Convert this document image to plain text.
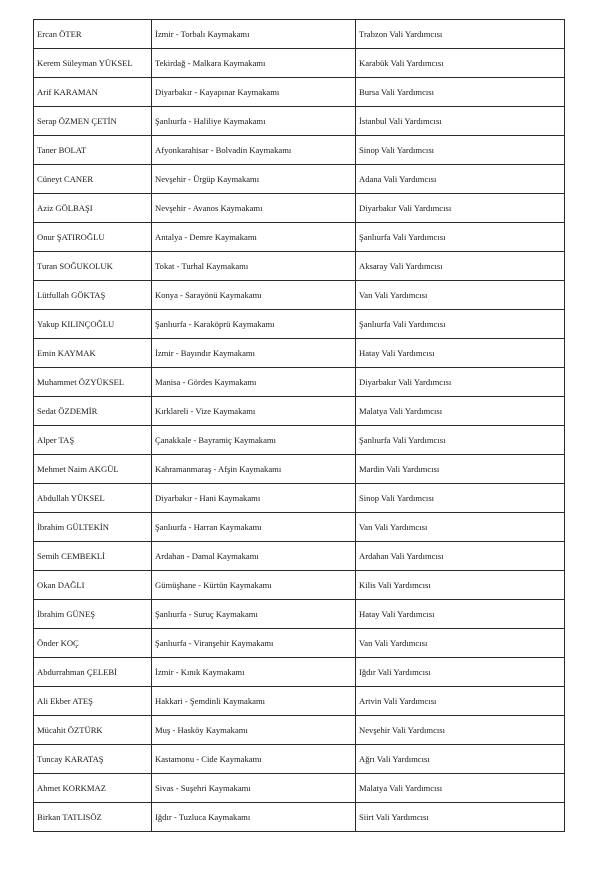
Ercan ÖTER	İzmir - Torbalı Kaymakamı	Trabzon Vali Yardımcısı
Kerem Süleyman YÜKSEL	Tekirdağ - Malkara Kaymakamı	Karabük Vali Yardımcısı
Arif KARAMAN	Diyarbakır - Kayapınar Kaymakamı	Bursa Vali Yardımcısı
Serap ÖZMEN ÇETİN	Şanlıurfa - Haliliye Kaymakamı	İstanbul Vali Yardımcısı
Taner BOLAT	Afyonkarahisar - Bolvadin Kaymakamı	Sinop Vali Yardımcısı
Cüneyt CANER	Nevşehir - Ürgüp Kaymakamı	Adana Vali Yardımcısı
Aziz GÖLBAŞI	Nevşehir - Avanos Kaymakamı	Diyarbakır Vali Yardımcısı
Onur ŞATIROĞLU	Antalya - Demre Kaymakamı	Şanlıurfa Vali Yardımcısı
Turan SOĞUKOLUK	Tokat - Turhal Kaymakamı	Aksaray Vali Yardımcısı
Lütfullah GÖKTAŞ	Konya - Sarayönü Kaymakamı	Van Vali Yardımcısı
Yakup KILINÇOĞLU	Şanlıurfa - Karaköprü Kaymakamı	Şanlıurfa Vali Yardımcısı
Emin KAYMAK	İzmir - Bayındır Kaymakamı	Hatay Vali Yardımcısı
Muhammet ÖZYÜKSEL	Manisa - Gördes Kaymakamı	Diyarbakır Vali Yardımcısı
Sedat ÖZDEMİR	Kırklareli - Vize Kaymakamı	Malatya Vali Yardımcısı
Alper TAŞ	Çanakkale - Bayramiç Kaymakamı	Şanlıurfa Vali Yardımcısı
Mehmet Naim AKGÜL	Kahramanmaraş - Afşin Kaymakamı	Mardin Vali Yardımcısı
Abdullah YÜKSEL	Diyarbakır - Hani Kaymakamı	Sinop Vali Yardımcısı
İbrahim GÜLTEKİN	Şanlıurfa - Harran Kaymakamı	Van Vali Yardımcısı
Semih CEMBEKLİ	Ardahan - Damal Kaymakamı	Ardahan Vali Yardımcısı
Okan DAĞLI	Gümüşhane - Kürtün Kaymakamı	Kilis Vali Yardımcısı
İbrahim GÜNEŞ	Şanlıurfa - Suruç Kaymakamı	Hatay Vali Yardımcısı
Önder KOÇ	Şanlıurfa - Viranşehir Kaymakamı	Van Vali Yardımcısı
Abdurrahman ÇELEBİ	İzmir - Kınık Kaymakamı	Iğdır Vali Yardımcısı
Ali Ekber ATEŞ	Hakkari - Şemdinli Kaymakamı	Artvin Vali Yardımcısı
Mücahit ÖZTÜRK	Muş - Hasköy Kaymakamı	Nevşehir Vali Yardımcısı
Tuncay KARATAŞ	Kastamonu - Cide Kaymakamı	Ağrı Vali Yardımcısı
Ahmet KORKMAZ	Sivas - Suşehri Kaymakamı	Malatya Vali Yardımcısı
Birkan TATLISÖZ	Iğdır - Tuzluca Kaymakamı	Siirt Vali Yardımcısı
